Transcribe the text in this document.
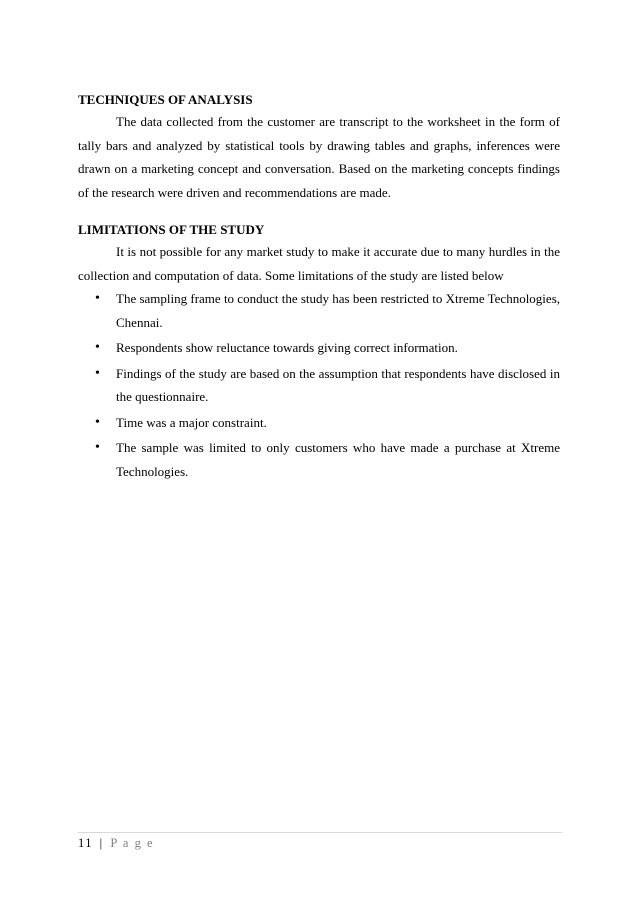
TECHNIQUES OF ANALYSIS

The data collected from the customer are transcript to the worksheet in the form of tally bars and analyzed by statistical tools by drawing tables and graphs, inferences were drawn on a marketing concept and conversation. Based on the marketing concepts findings of the research were driven and recommendations are made.

LIMITATIONS OF THE STUDY

It is not possible for any market study to make it accurate due to many hurdles in the collection and computation of data. Some limitations of the study are listed below

• The sampling frame to conduct the study has been restricted to Xtreme Technologies, Chennai.
• Respondents show reluctance towards giving correct information.
• Findings of the study are based on the assumption that respondents have disclosed in the questionnaire.
• Time was a major constraint.
• The sample was limited to only customers who have made a purchase at Xtreme Technologies.
11 | P a g e
